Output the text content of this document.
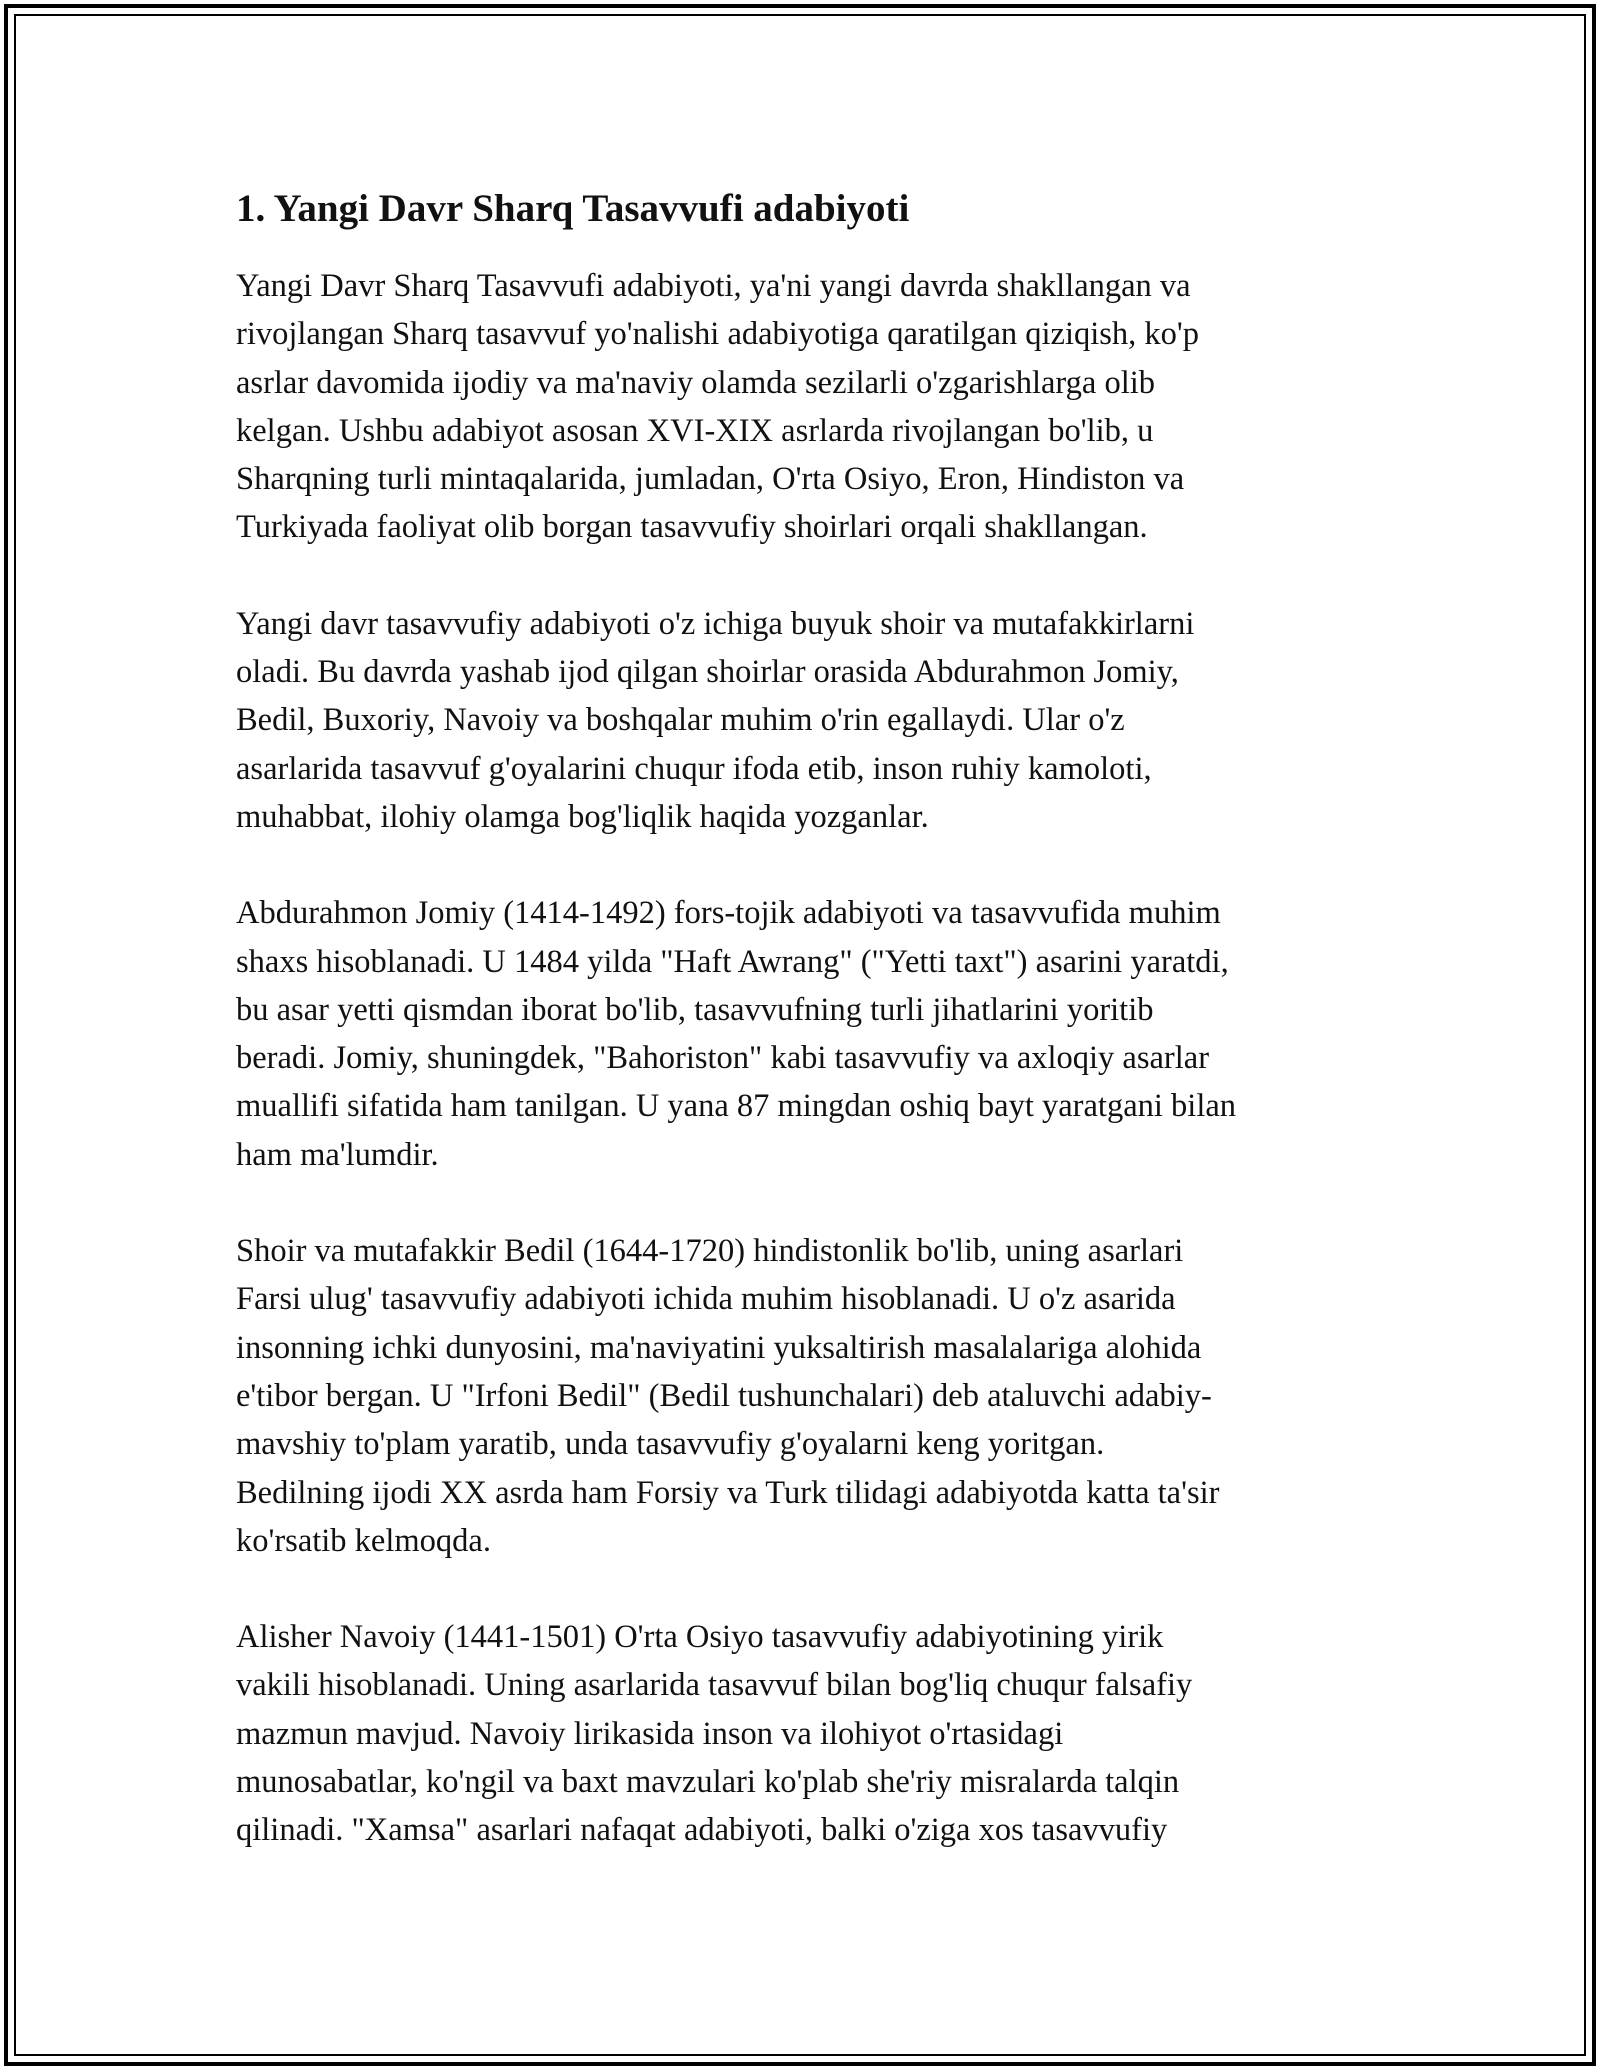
1. Yangi Davr Sharq Tasavvufi adabiyoti

Yangi Davr Sharq Tasavvufi adabiyoti, ya'ni yangi davrda shakllangan va
rivojlangan Sharq tasavvuf yo'nalishi adabiyotiga qaratilgan qiziqish, ko'p
asrlar davomida ijodiy va ma'naviy olamda sezilarli o'zgarishlarga olib
kelgan. Ushbu adabiyot asosan XVI-XIX asrlarda rivojlangan bo'lib, u
Sharqning turli mintaqalarida, jumladan, O'rta Osiyo, Eron, Hindiston va
Turkiyada faoliyat olib borgan tasavvufiy shoirlari orqali shakllangan.

Yangi davr tasavvufiy adabiyoti o'z ichiga buyuk shoir va mutafakkirlarni
oladi. Bu davrda yashab ijod qilgan shoirlar orasida Abdurahmon Jomiy,
Bedil, Buxoriy, Navoiy va boshqalar muhim o'rin egallaydi. Ular o'z
asarlarida tasavvuf g'oyalarini chuqur ifoda etib, inson ruhiy kamoloti,
muhabbat, ilohiy olamga bog'liqlik haqida yozganlar.

Abdurahmon Jomiy (1414-1492) fors-tojik adabiyoti va tasavvufida muhim
shaxs hisoblanadi. U 1484 yilda "Haft Awrang" ("Yetti taxt") asarini yaratdi,
bu asar yetti qismdan iborat bo'lib, tasavvufning turli jihatlarini yoritib
beradi. Jomiy, shuningdek, "Bahoriston" kabi tasavvufiy va axloqiy asarlar
muallifi sifatida ham tanilgan. U yana 87 mingdan oshiq bayt yaratgani bilan
ham ma'lumdir.

Shoir va mutafakkir Bedil (1644-1720) hindistonlik bo'lib, uning asarlari
Farsi ulug' tasavvufiy adabiyoti ichida muhim hisoblanadi. U o'z asarida
insonning ichki dunyosini, ma'naviyatini yuksaltirish masalalariga alohida
e'tibor bergan. U "Irfoni Bedil" (Bedil tushunchalari) deb ataluvchi adabiy-
mavshiy to'plam yaratib, unda tasavvufiy g'oyalarni keng yoritgan.
Bedilning ijodi XX asrda ham Forsiy va Turk tilidagi adabiyotda katta ta'sir
ko'rsatib kelmoqda.

Alisher Navoiy (1441-1501) O'rta Osiyo tasavvufiy adabiyotining yirik
vakili hisoblanadi. Uning asarlarida tasavvuf bilan bog'liq chuqur falsafiy
mazmun mavjud. Navoiy lirikasida inson va ilohiyot o'rtasidagi
munosabatlar, ko'ngil va baxt mavzulari ko'plab she'riy misralarda talqin
qilinadi. "Xamsa" asarlari nafaqat adabiyoti, balki o'ziga xos tasavvufiy
